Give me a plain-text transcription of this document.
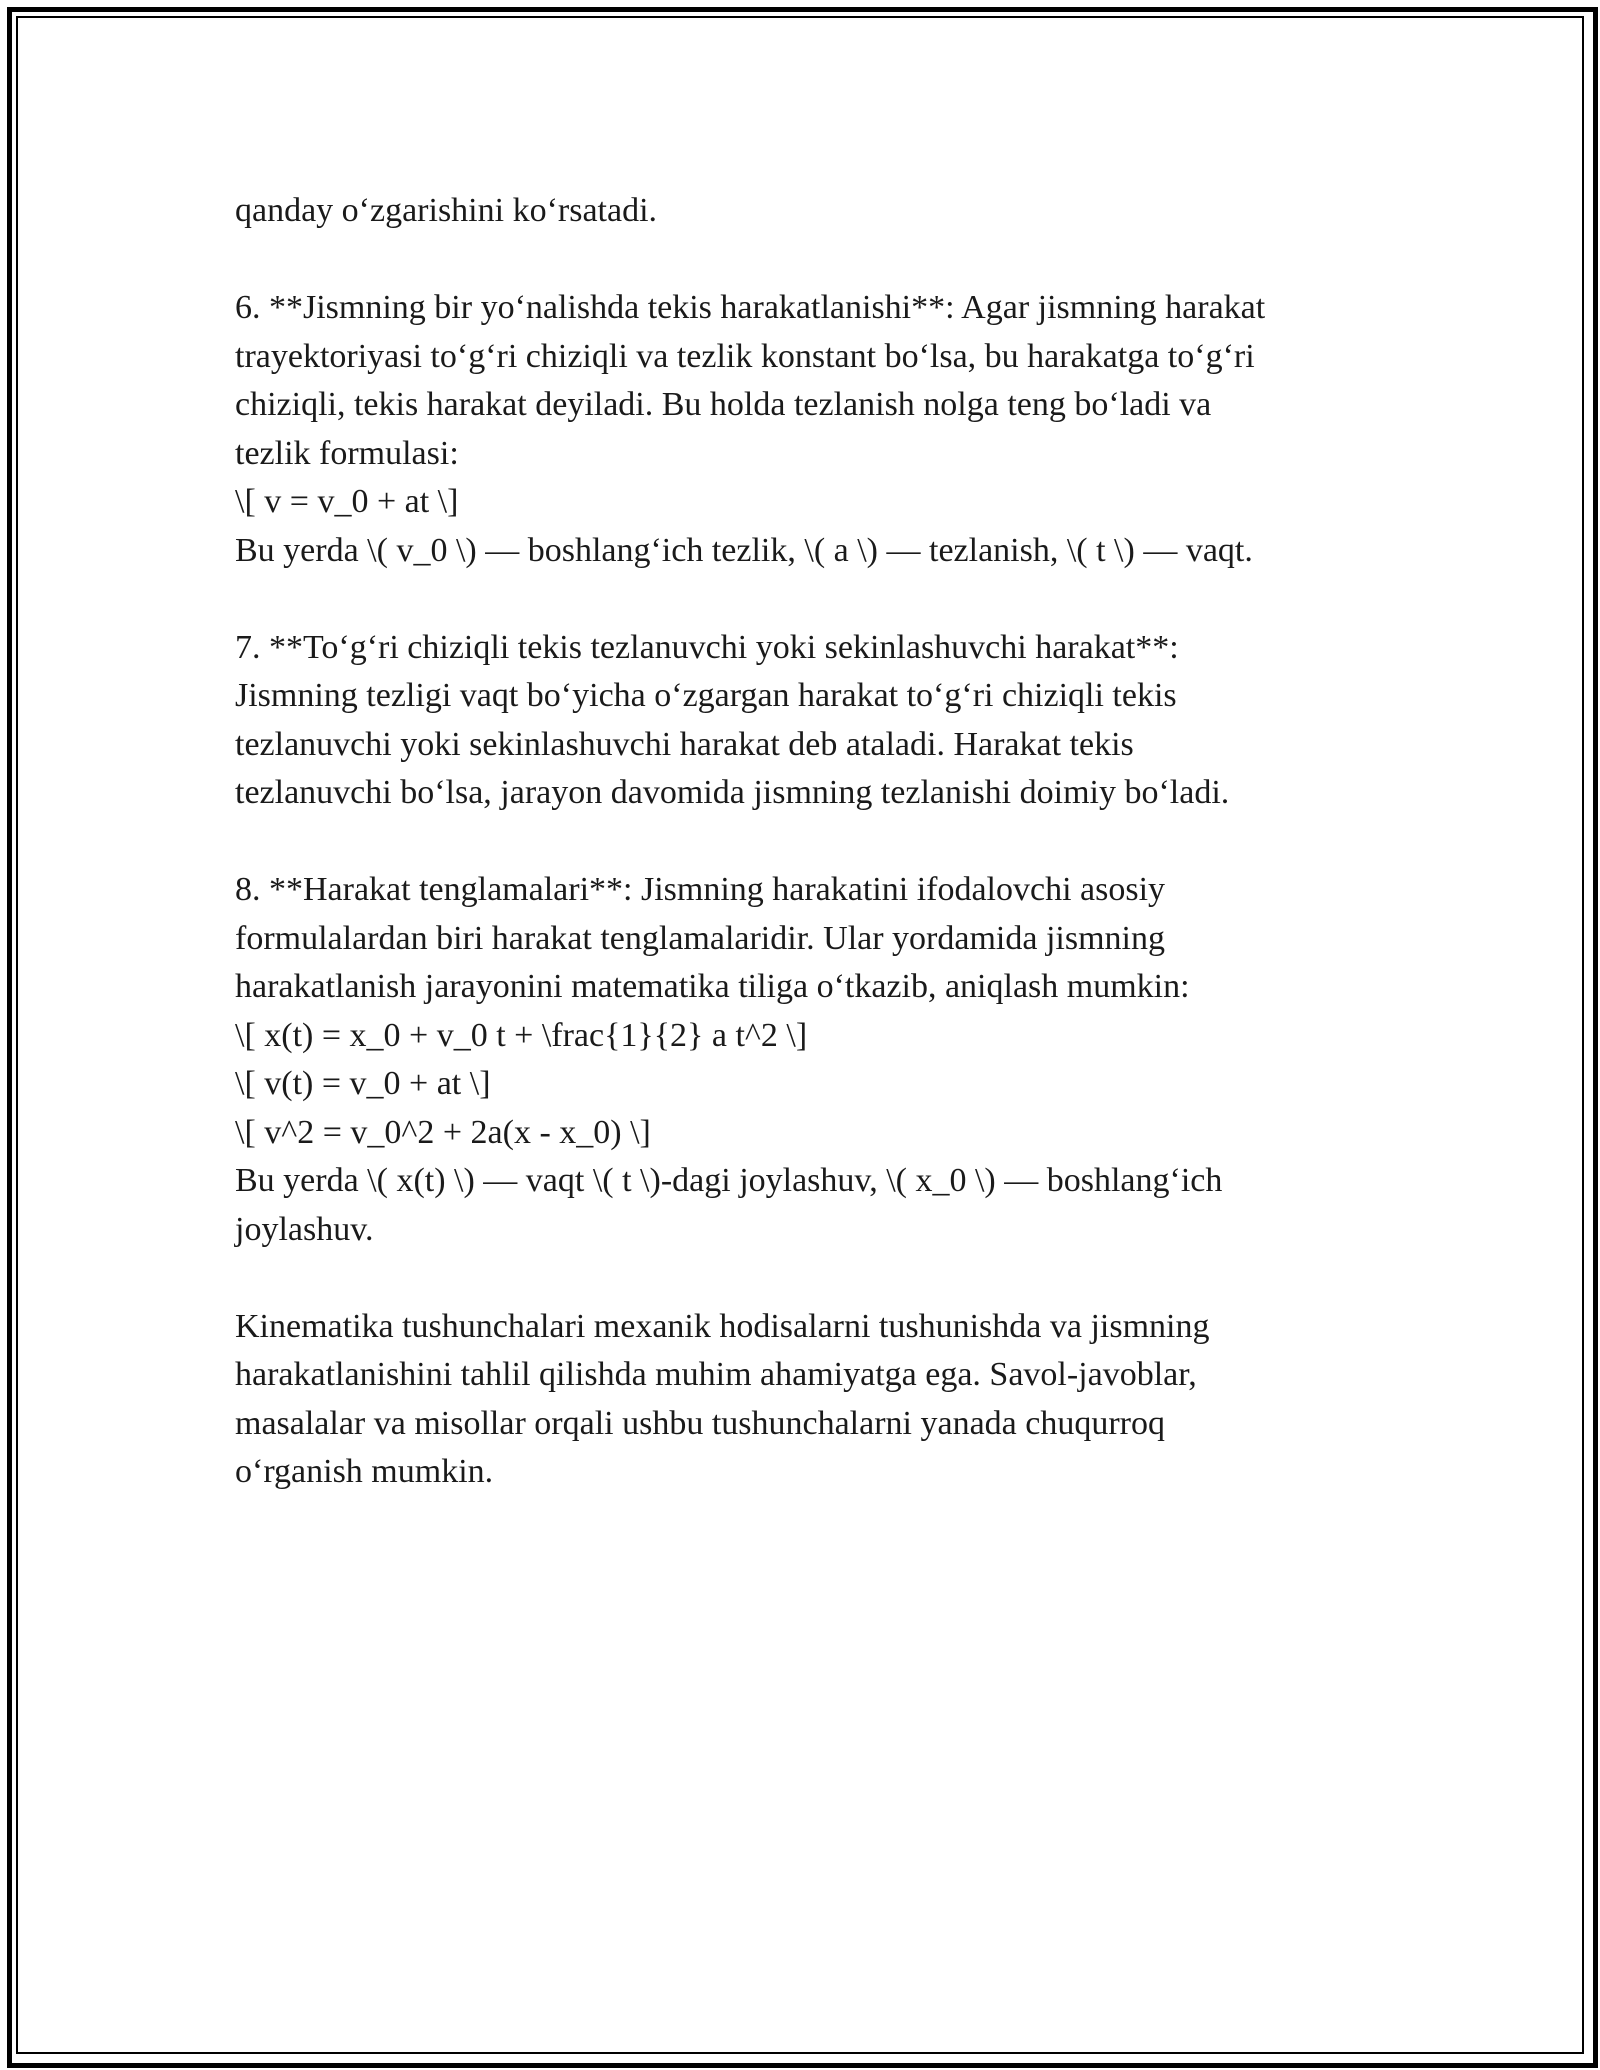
qanday o‘zgarishini ko‘rsatadi.
6. **Jismning bir yo‘nalishda tekis harakatlanishi**: Agar jismning harakat
trayektoriyasi to‘g‘ri chiziqli va tezlik konstant bo‘lsa, bu harakatga to‘g‘ri
chiziqli, tekis harakat deyiladi. Bu holda tezlanish nolga teng bo‘ladi va
tezlik formulasi:
\[ v = v_0 + at \]
Bu yerda \( v_0 \) — boshlang‘ich tezlik, \( a \) — tezlanish, \( t \) — vaqt.
7. **To‘g‘ri chiziqli tekis tezlanuvchi yoki sekinlashuvchi harakat**:
Jismning tezligi vaqt bo‘yicha o‘zgargan harakat to‘g‘ri chiziqli tekis
tezlanuvchi yoki sekinlashuvchi harakat deb ataladi. Harakat tekis
tezlanuvchi bo‘lsa, jarayon davomida jismning tezlanishi doimiy bo‘ladi.
8. **Harakat tenglamalari**: Jismning harakatini ifodalovchi asosiy
formulalardan biri harakat tenglamalaridir. Ular yordamida jismning
harakatlanish jarayonini matematika tiliga o‘tkazib, aniqlash mumkin:
\[ x(t) = x_0 + v_0 t + \frac{1}{2} a t^2 \]
\[ v(t) = v_0 + at \]
\[ v^2 = v_0^2 + 2a(x - x_0) \]
Bu yerda \( x(t) \) — vaqt \( t \)-dagi joylashuv, \( x_0 \) — boshlang‘ich
joylashuv.
Kinematika tushunchalari mexanik hodisalarni tushunishda va jismning
harakatlanishini tahlil qilishda muhim ahamiyatga ega. Savol-javoblar,
masalalar va misollar orqali ushbu tushunchalarni yanada chuqurroq
o‘rganish mumkin.
